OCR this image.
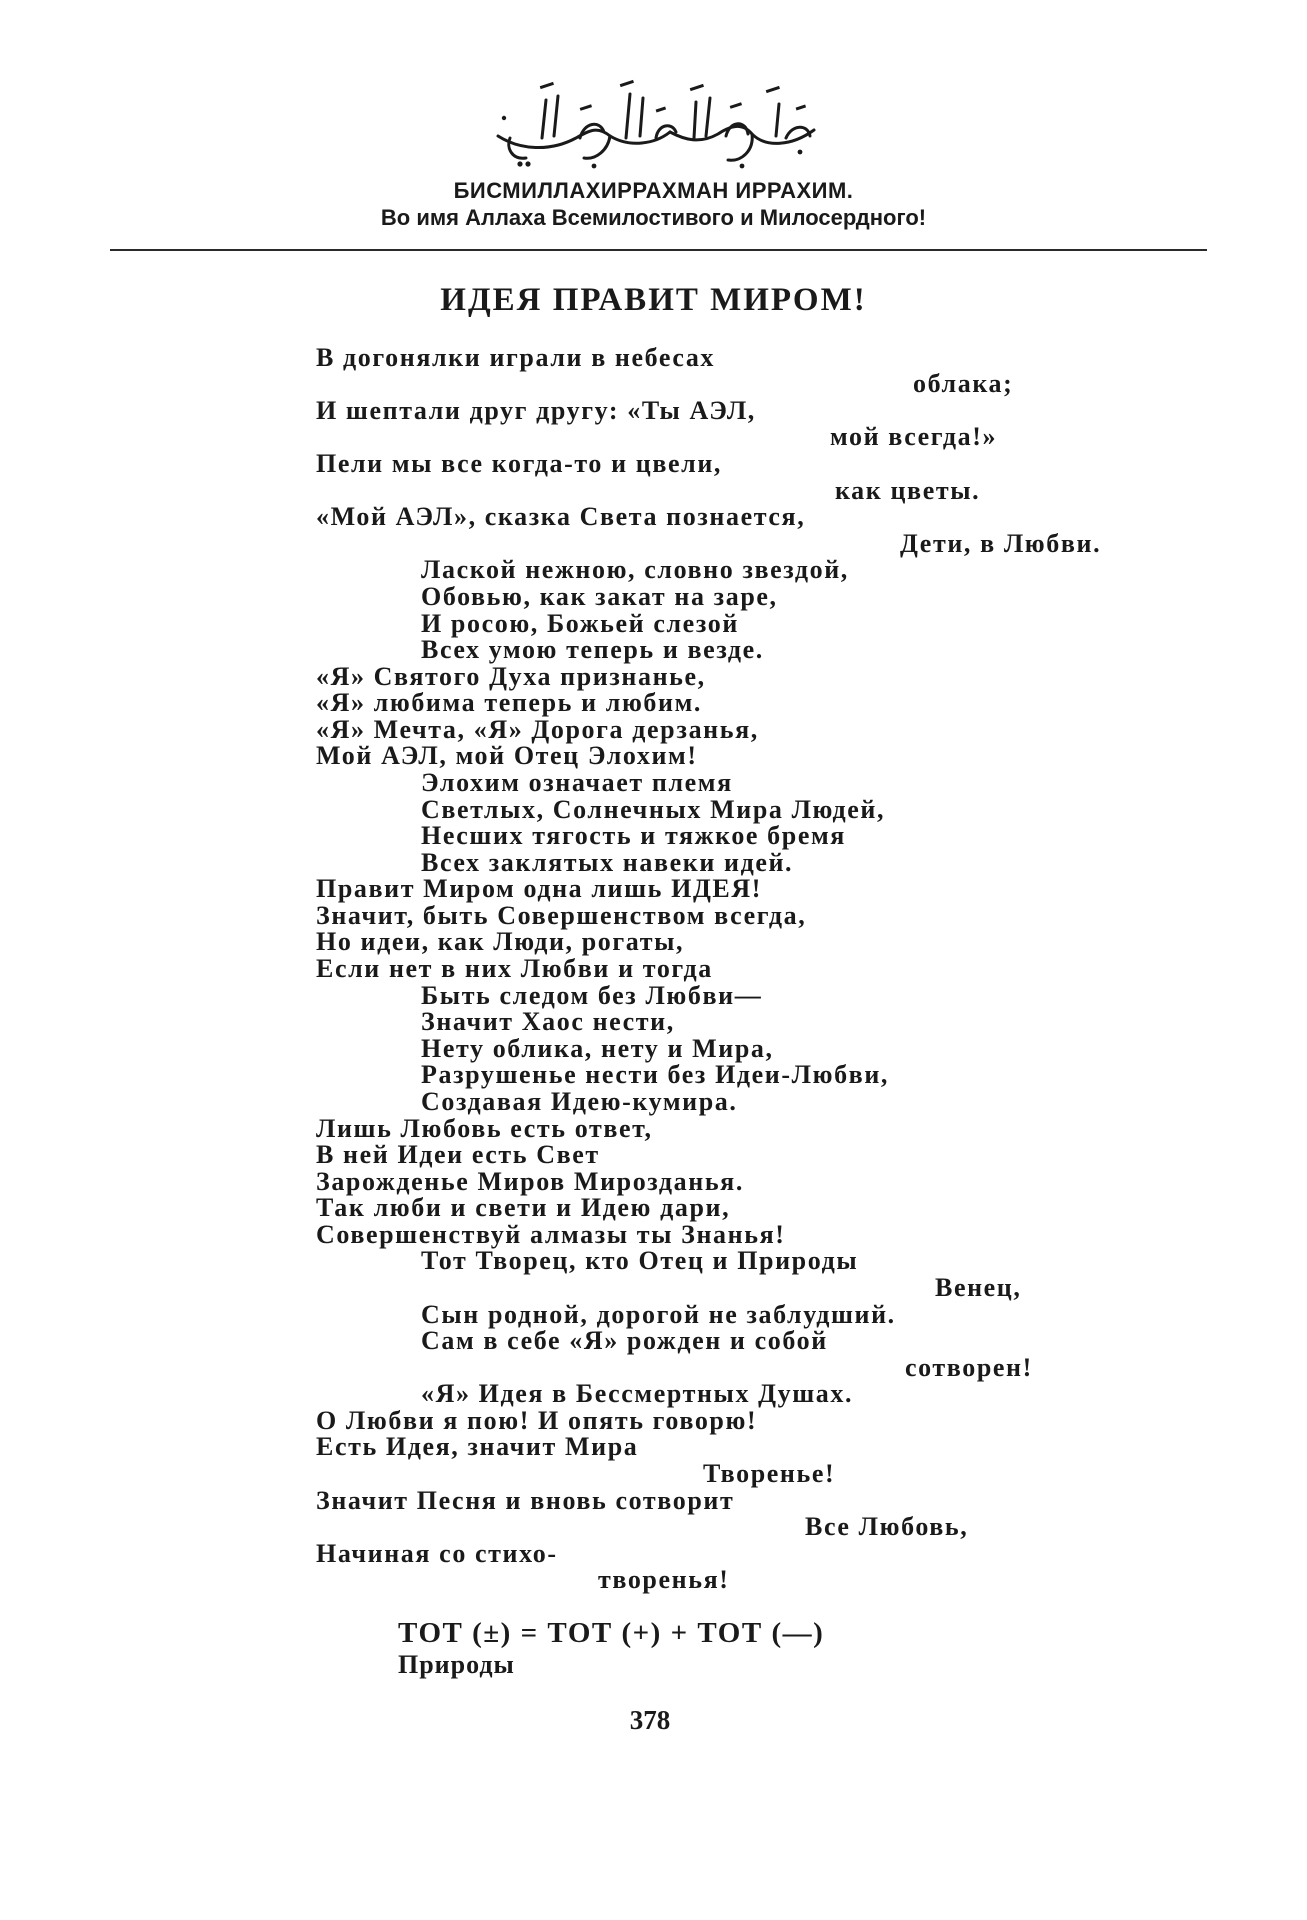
БИСМИЛЛАХИРРАХМАН ИРРАХИМ.

Во имя Аллаха Всемилостивого и Милосердного!

ИДЕЯ ПРАВИТ МИРОМ!
В догонялки играли в небесах
облака;
И шептали друг другу: «Ты АЭЛ,
мой всегда!»
Пели мы все когда-то и цвели,
как цветы.
«Мой АЭЛ», сказка Света познается,
Дети, в Любви.
Лаской нежною, словно звездой,
Обовью, как закат на заре,
И росою, Божьей слезой
Всех умою теперь и везде.
«Я» Святого Духа признанье,
«Я» любима теперь и любим.
«Я» Мечта, «Я» Дорога дерзанья,
Мой АЭЛ, мой Отец Элохим!
Элохим означает племя
Светлых, Солнечных Мира Людей,
Несших тягость и тяжкое бремя
Всех заклятых навеки идей.
Правит Миром одна лишь ИДЕЯ!
Значит, быть Совершенством всегда,
Но идеи, как Люди, рогаты,
Если нет в них Любви и тогда
Быть следом без Любви—
Значит Хаос нести,
Нету облика, нету и Мира,
Разрушенье нести без Идеи-Любви,
Создавая Идею-кумира.
Лишь Любовь есть ответ,
В ней Идеи есть Свет
Зарожденье Миров Мирозданья.
Так люби и свети и Идею дари,
Совершенствуй алмазы ты Знанья!
Тот Творец, кто Отец и Природы
Венец,
Сын родной, дорогой не заблудший.
Сам в себе «Я» рожден и собой
сотворен!
«Я» Идея в Бессмертных Душах.
О Любви я пою! И опять говорю!
Есть Идея, значит Мира
Творенье!
Значит Песня и вновь сотворит
Все Любовь,
Начиная со стихо-
творенья!

ТОТ (±) = ТОТ (+) + ТОТ (—)

Природы

378
